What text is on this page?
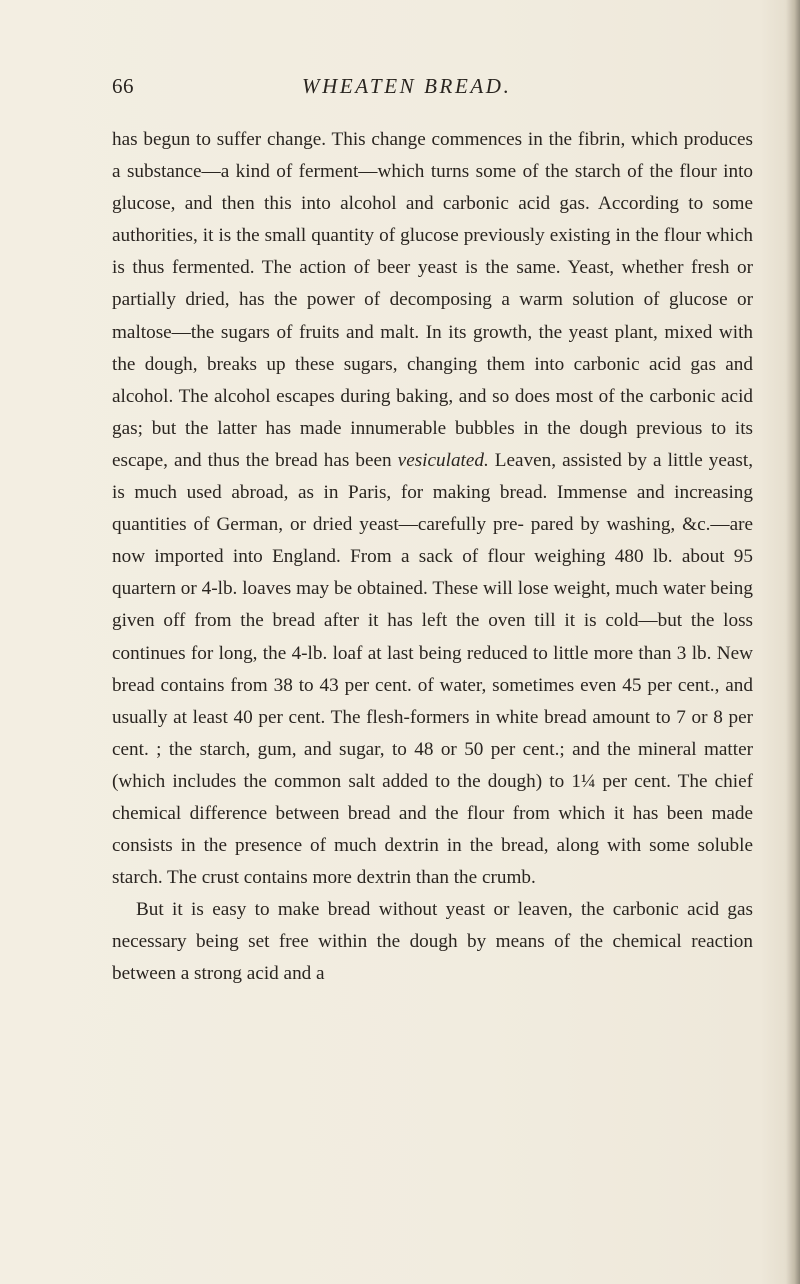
66	WHEATEN BREAD.

has begun to suffer change. This change commences in the fibrin, which produces a substance—a kind of ferment—which turns some of the starch of the flour into glucose, and then this into alcohol and carbonic acid gas. According to some authorities, it is the small quantity of glucose previously existing in the flour which is thus fermented. The action of beer yeast is the same. Yeast, whether fresh or partially dried, has the power of decomposing a warm solution of glucose or maltose—the sugars of fruits and malt. In its growth, the yeast plant, mixed with the dough, breaks up these sugars, changing them into carbonic acid gas and alcohol. The alcohol escapes during baking, and so does most of the carbonic acid gas; but the latter has made innumerable bubbles in the dough previous to its escape, and thus the bread has been vesiculated. Leaven, assisted by a little yeast, is much used abroad, as in Paris, for making bread. Immense and increasing quantities of German, or dried yeast—carefully pre- pared by washing, &c.—are now imported into England. From a sack of flour weighing 480 lb. about 95 quartern or 4-lb. loaves may be obtained. These will lose weight, much water being given off from the bread after it has left the oven till it is cold—but the loss continues for long, the 4-lb. loaf at last being reduced to little more than 3 lb. New bread contains from 38 to 43 per cent. of water, sometimes even 45 per cent., and usually at least 40 per cent. The flesh-formers in white bread amount to 7 or 8 per cent. ; the starch, gum, and sugar, to 48 or 50 per cent.; and the mineral matter (which includes the common salt added to the dough) to 1¼ per cent. The chief chemical difference between bread and the flour from which it has been made consists in the presence of much dextrin in the bread, along with some soluble starch. The crust contains more dextrin than the crumb.

But it is easy to make bread without yeast or leaven, the carbonic acid gas necessary being set free within the dough by means of the chemical reaction between a strong acid and a
